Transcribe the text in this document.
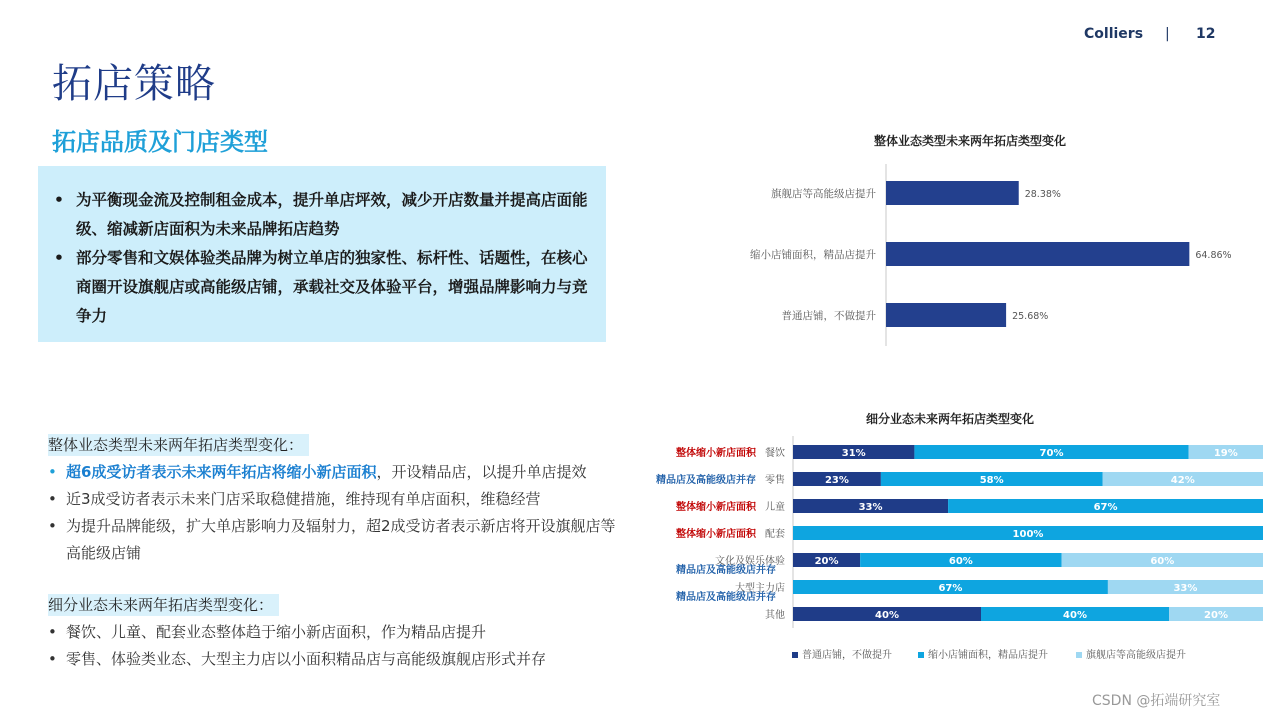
Colliers | 12
拓店策略
拓店品质及门店类型
• 为平衡现金流及控制租金成本，提升单店坪效，减少开店数量并提高店面能级、缩减新店面积为未来品牌拓店趋势
• 部分零售和文娱体验类品牌为树立单店的独家性、标杆性、话题性，在核心商圈开设旗舰店或高能级店铺，承载社交及体验平台，增强品牌影响力与竞争力
整体业态类型未来两年拓店类型变化：
• 超6成受访者表示未来两年拓店将缩小新店面积，开设精品店，以提升单店提效
• 近3成受访者表示未来门店采取稳健措施，维持现有单店面积，维稳经营
• 为提升品牌能级，扩大单店影响力及辐射力，超2成受访者表示新店将开设旗舰店等高能级店铺
细分业态未来两年拓店类型变化：
• 餐饮、儿童、配套业态整体趋于缩小新店面积，作为精品店提升
• 零售、体验类业态、大型主力店以小面积精品店与高能级旗舰店形式并存
整体业态类型未来两年拓店类型变化
旗舰店等高能级店提升	28.38%
缩小店铺面积，精品店提升	64.86%
普通店铺，不做提升	25.68%
细分业态未来两年拓店类型变化
31%	70%	19%
餐饮
23%	58%	42%
零售
33%	67%
儿童
100%
配套
20%	60%	60%
文化及娱乐体验
67%	33%
大型主力店
40%	40%	20%
其他
整体缩小新店面积
精品店及高能级店并存
整体缩小新店面积
整体缩小新店面积
精品店及高能级店并存
精品店及高能级店并存
普通店铺，不做提升	缩小店铺面积，精品店提升	旗舰店等高能级店提升
CSDN @拓端研究室
